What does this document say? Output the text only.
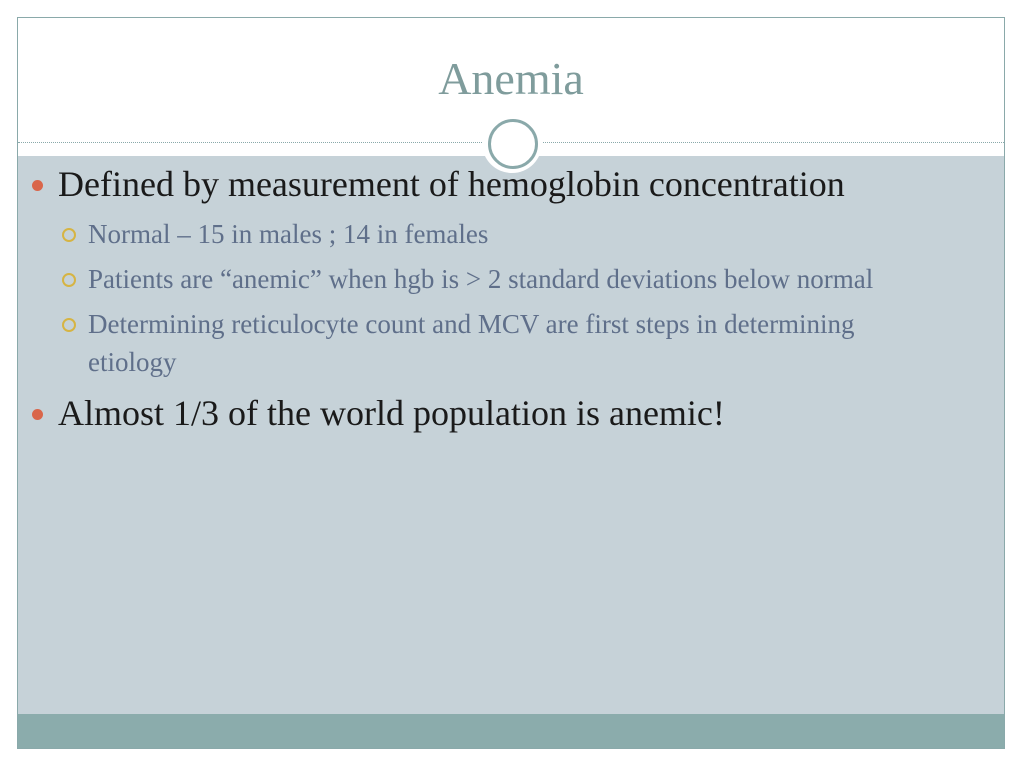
Anemia
Defined by measurement of hemoglobin concentration
Normal – 15 in males ; 14 in females
Patients are “anemic” when hgb is > 2 standard deviations below normal
Determining reticulocyte count and MCV are first steps in determining etiology
Almost 1/3 of the world population is anemic!
